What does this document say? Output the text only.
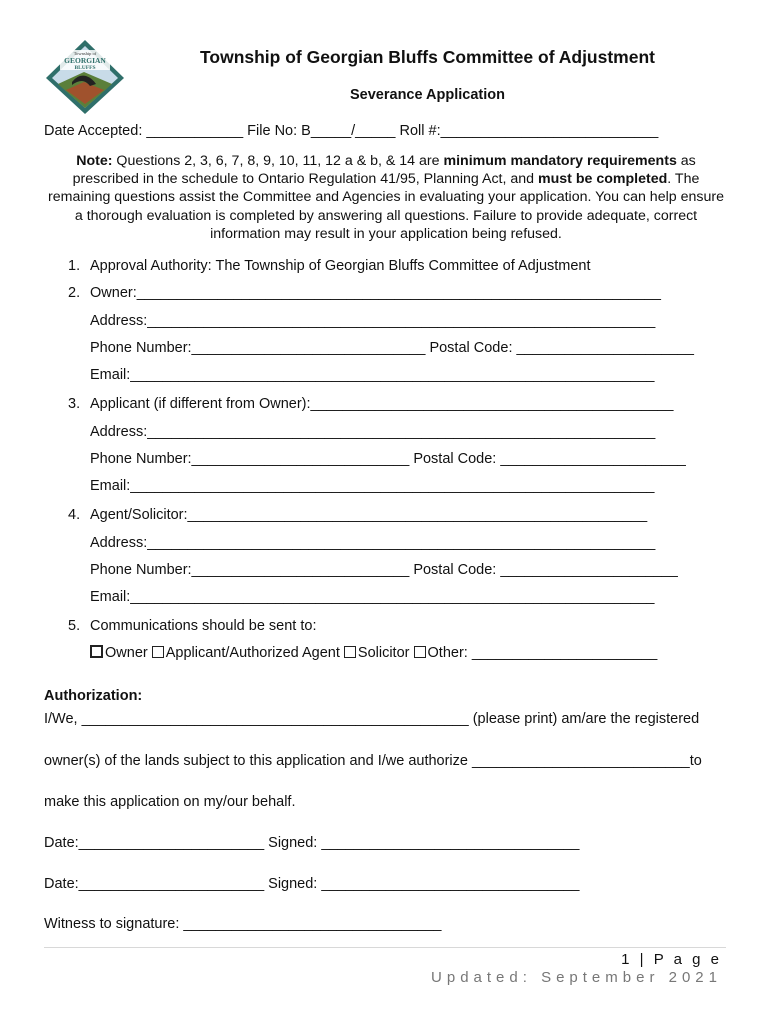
Township of
GEORGIAN
BLUFFS
Township of Georgian Bluffs Committee of Adjustment
Severance Application
Date Accepted: ____________ File No: B_____/_____ Roll #:___________________________
Note: Questions 2, 3, 6, 7, 8, 9, 10, 11, 12 a & b, & 14 are minimum mandatory requirements as prescribed in the schedule to Ontario Regulation 41/95, Planning Act, and must be completed. The remaining questions assist the Committee and Agencies in evaluating your application. You can help ensure a thorough evaluation is completed by answering all questions. Failure to provide adequate, correct information may result in your application being refused.
1. Approval Authority: The Township of Georgian Bluffs Committee of Adjustment
2. Owner:_________________________________________________________________
Address:_______________________________________________________________
Phone Number:_____________________________ Postal Code: ______________________
Email:_________________________________________________________________
3. Applicant (if different from Owner):_____________________________________________
Address:_______________________________________________________________
Phone Number:___________________________ Postal Code: _______________________
Email:_________________________________________________________________
4. Agent/Solicitor:_________________________________________________________
Address:_______________________________________________________________
Phone Number:___________________________ Postal Code: ______________________
Email:_________________________________________________________________
5. Communications should be sent to:
Owner Applicant/Authorized Agent Solicitor Other: _______________________
Authorization:
I/We, ________________________________________________ (please print) am/are the registered
owner(s) of the lands subject to this application and I/we authorize ___________________________to
make this application on my/our behalf.
Date:_______________________ Signed: ________________________________
Date:_______________________ Signed: ________________________________
Witness to signature: ________________________________
1 | P a g e
Updated: September 2021
